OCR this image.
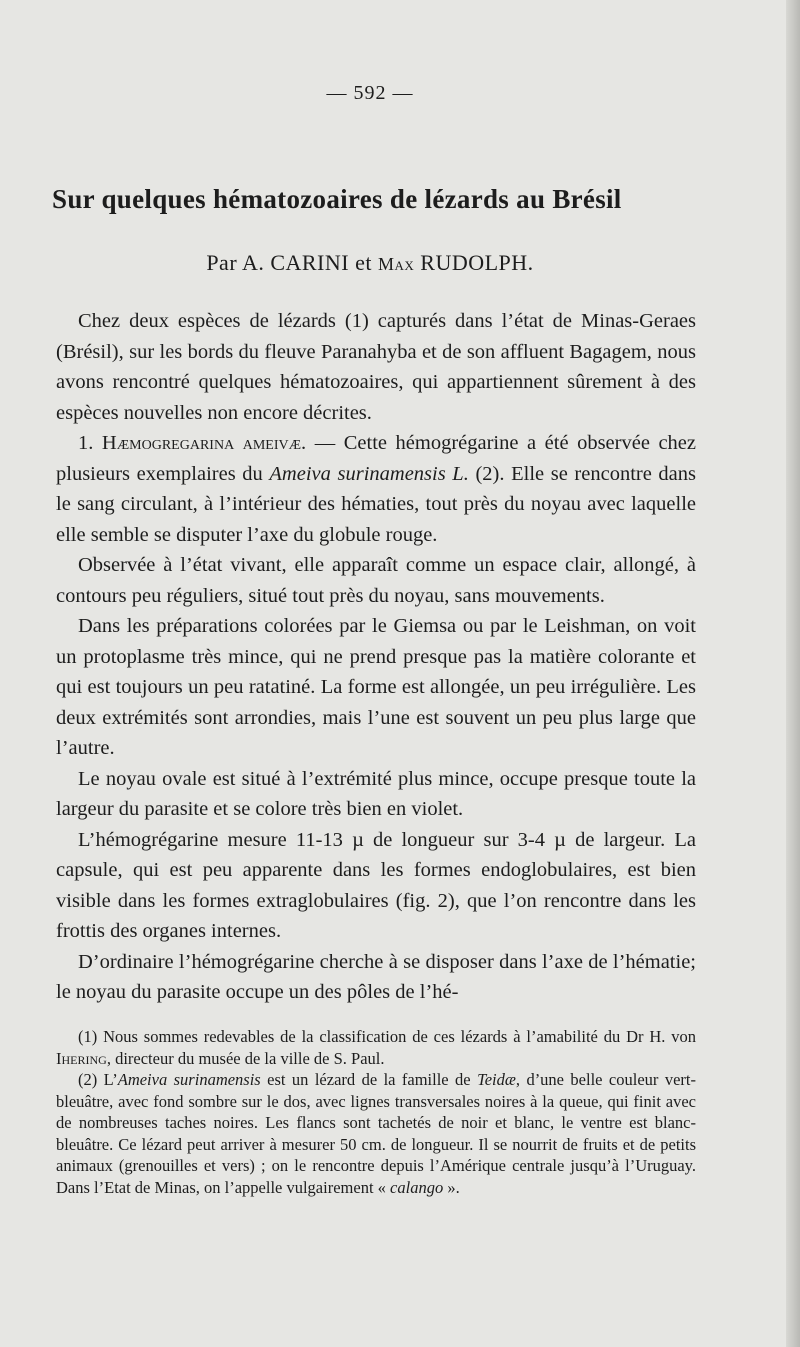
— 592 —
Sur quelques hématozoaires de lézards au Brésil
Par A. CARINI et Max RUDOLPH.

Chez deux espèces de lézards (1) capturés dans l’état de Minas-Geraes (Brésil), sur les bords du fleuve Paranahyba et de son affluent Bagagem, nous avons rencontré quelques hématozoaires, qui appartiennent sûrement à des espèces nouvelles non encore décrites.

1. Hæmogregarina ameivæ. — Cette hémogrégarine a été observée chez plusieurs exemplaires du Ameiva surinamensis L. (2). Elle se rencontre dans le sang circulant, à l’intérieur des hématies, tout près du noyau avec laquelle elle semble se disputer l’axe du globule rouge.

Observée à l’état vivant, elle apparaît comme un espace clair, allongé, à contours peu réguliers, situé tout près du noyau, sans mouvements.

Dans les préparations colorées par le Giemsa ou par le Leishman, on voit un protoplasme très mince, qui ne prend presque pas la matière colorante et qui est toujours un peu ratatiné. La forme est allongée, un peu irrégulière. Les deux extrémités sont arrondies, mais l’une est souvent un peu plus large que l’autre.

Le noyau ovale est situé à l’extrémité plus mince, occupe presque toute la largeur du parasite et se colore très bien en violet.

L’hémogrégarine mesure 11-13 µ de longueur sur 3-4 µ de largeur. La capsule, qui est peu apparente dans les formes endoglobulaires, est bien visible dans les formes extraglobulaires (fig. 2), que l’on rencontre dans les frottis des organes internes.

D’ordinaire l’hémogrégarine cherche à se disposer dans l’axe de l’hématie; le noyau du parasite occupe un des pôles de l’hé-

(1) Nous sommes redevables de la classification de ces lézards à l’amabilité du Dr H. von Ihering, directeur du musée de la ville de S. Paul.

(2) L’Ameiva surinamensis est un lézard de la famille de Teidæ, d’une belle couleur vert-bleuâtre, avec fond sombre sur le dos, avec lignes transversales noires à la queue, qui finit avec de nombreuses taches noires. Les flancs sont tachetés de noir et blanc, le ventre est blanc-bleuâtre. Ce lézard peut arriver à mesurer 50 cm. de longueur. Il se nourrit de fruits et de petits animaux (grenouilles et vers) ; on le rencontre depuis l’Amérique centrale jusqu’à l’Uruguay. Dans l’Etat de Minas, on l’appelle vulgairement « calango ».
